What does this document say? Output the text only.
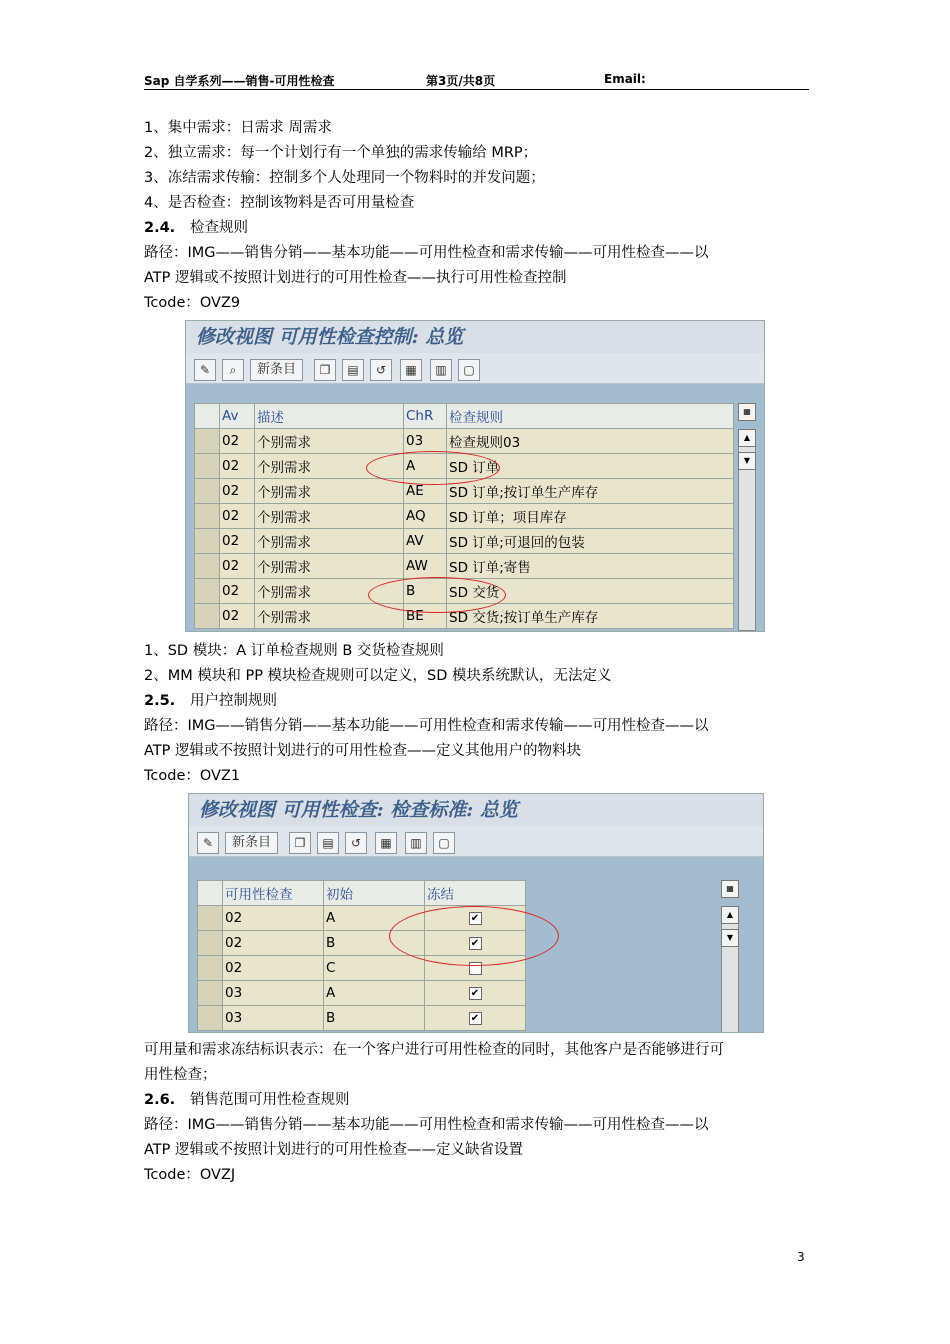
Sap 自学系列——销售-可用性检查	第3页/共8页	Email:
1、集中需求：日需求 周需求
2、独立需求：每一个计划行有一个单独的需求传输给 MRP；
3、冻结需求传输：控制多个人处理同一个物料时的并发问题；
4、是否检查：控制该物料是否可用量检查
2.4. 检查规则
路径：IMG——销售分销——基本功能——可用性检查和需求传输——可用性检查——以
ATP 逻辑或不按照计划进行的可用性检查——执行可用性检查控制
Tcode：OVZ9
修改视图 可用性检查控制: 总览
✎	⌕	新条目	❐	▤	↺	▦	▥	▢
	Av	描述	ChR	检查规则
	02	个别需求	03	检查规则03
	02	个别需求	A	SD 订单
	02	个别需求	AE	SD 订单;按订单生产库存
	02	个别需求	AQ	SD 订单；项目库存
	02	个别需求	AV	SD 订单;可退回的包装
	02	个别需求	AW	SD 订单;寄售
	02	个别需求	B	SD 交货
	02	个别需求	BE	SD 交货;按订单生产库存
▦
▲
▼
1、SD 模块：A 订单检查规则 B 交货检查规则
2、MM 模块和 PP 模块检查规则可以定义，SD 模块系统默认，无法定义
2.5. 用户控制规则
路径：IMG——销售分销——基本功能——可用性检查和需求传输——可用性检查——以
ATP 逻辑或不按照计划进行的可用性检查——定义其他用户的物料块
Tcode：OVZ1
修改视图 可用性检查: 检查标准: 总览
✎	新条目	❐	▤	↺	▦	▥	▢
	可用性检查	初始	冻结
	02	A	✔
	02	B	✔
	02	C	
	03	A	✔
	03	B	✔
▦
▲
▼
可用量和需求冻结标识表示：在一个客户进行可用性检查的同时，其他客户是否能够进行可
用性检查；
2.6. 销售范围可用性检查规则
路径：IMG——销售分销——基本功能——可用性检查和需求传输——可用性检查——以
ATP 逻辑或不按照计划进行的可用性检查——定义缺省设置
Tcode：OVZJ
3
